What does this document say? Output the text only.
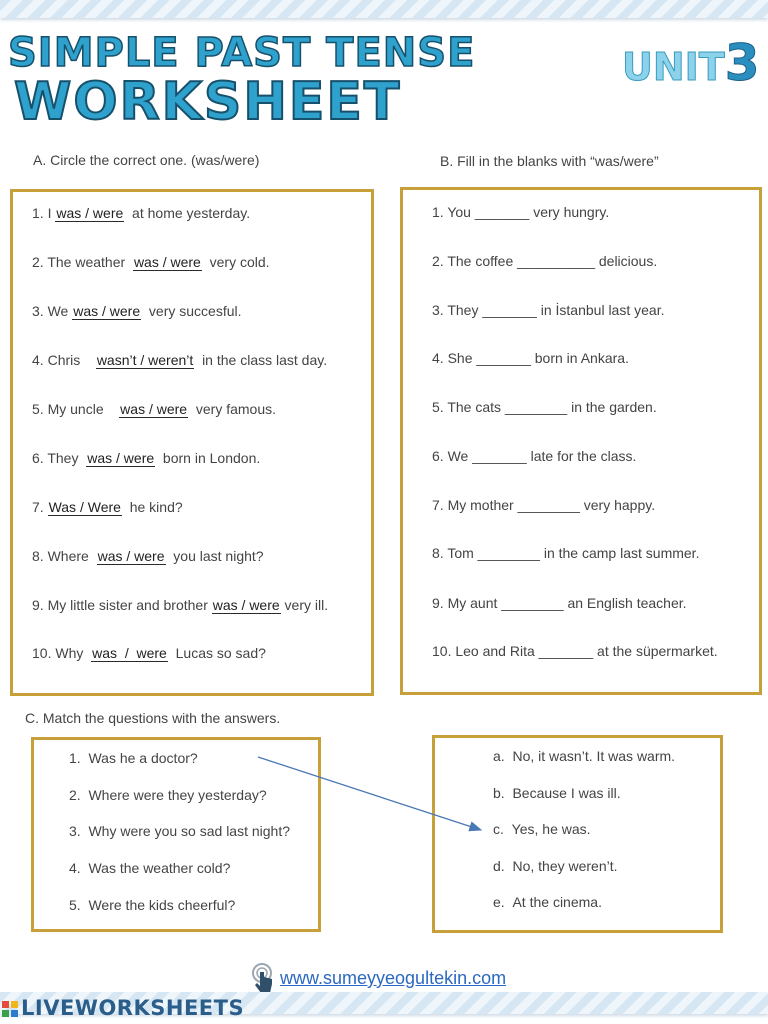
SIMPLE PAST TENSE
WORKSHEET
UNIT3
A. Circle the correct one. (was/were)
1. I was / were  at home yesterday.
2. The weather  was / were  very cold.
3. We was / were  very succesful.
4. Chris    wasn’t / weren’t  in the class last day.
5. My uncle    was / were  very famous.
6. They  was / were  born in London.
7. Was / Were  he kind?
8. Where  was / were  you last night?
9. My little sister and brother was / were very ill.
10. Why  was  /  were  Lucas so sad?
B. Fill in the blanks with “was/were”
1. You _______ very hungry.
2. The coffee __________ delicious.
3. They _______ in İstanbul last year.
4. She _______ born in Ankara.
5. The cats ________ in the garden.
6. We _______ late for the class.
7. My mother ________ very happy.
8. Tom ________ in the camp last summer.
9. My aunt ________ an English teacher.
10. Leo and Rita _______ at the süpermarket.
C. Match the questions with the answers.
1. Was he a doctor?
2. Where were they yesterday?
3. Why were you so sad last night?
4. Was the weather cold?
5. Were the kids cheerful?
a. No, it wasn’t. It was warm.
b. Because I was ill.
c. Yes, he was.
d. No, they weren’t.
e. At the cinema.
www.sumeyyeogultekin.com
LIVEWORKSHEETS
